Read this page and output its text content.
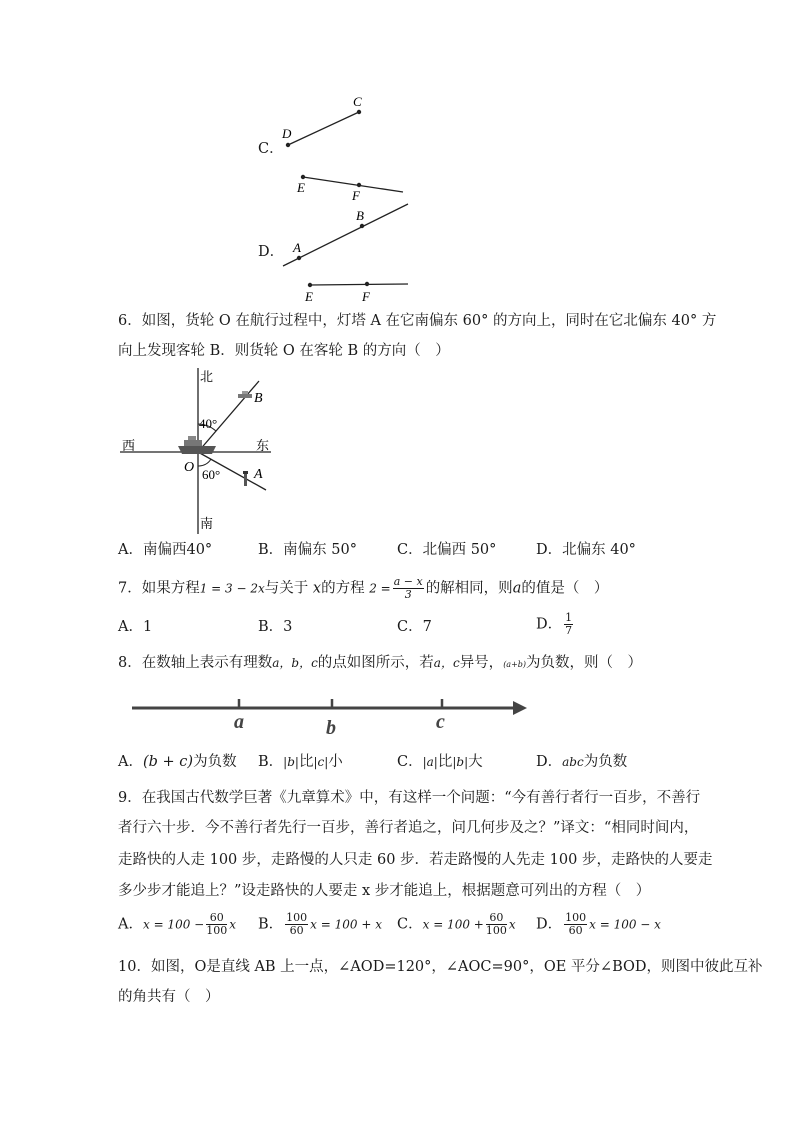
C．
D．
D
C
E
F
A
B
E	F
6．如图，货轮 O 在航行过程中，灯塔 A 在它南偏东 60° 的方向上，同时在它北偏东 40° 方
向上发现客轮 B．则货轮 O 在客轮 B 的方向（　）
北
南
西	东
40°
60°
O	A
B
A．南偏西40°	B．南偏东 50°	C．北偏西 50°	D．北偏东 40°
7．如果方程1 = 3 − 2x与关于 x的方程 $2 = \frac{a - x}{3}$ 的解相同，则a的值是（　）
A．1	B．3	C．7	D． $\frac{1}{7}$
8．在数轴上表示有理数a，b，c的点如图所示，若a，c异号，(a+b)为负数，则（　）
a	b	c
A．(b + c)为负数 B．|b|比|c|小	C．|a|比|b|大	D．abc为负数
9．在我国古代数学巨著《九章算术》中，有这样一个问题：“今有善行者行一百步，不善行
者行六十步．今不善行者先行一百步，善行者追之，问几何步及之？”译文：“相同时间内，
走路快的人走 100 步，走路慢的人只走 60 步．若走路慢的人先走 100 步，走路快的人要走
多少步才能追上？”设走路快的人要走 x 步才能追上，根据题意可列出的方程（　）
A．$x = 100 - \frac{60}{100}$ x B． $\frac{100}{60}$ x = 100 + x C．$x = 100 + \frac{60}{100}$ x D． $\frac{100}{60}$ x = 100 − x
10．如图，O是直线 AB 上一点，∠AOD=120°，∠AOC=90°，OE 平分∠BOD，则图中彼此互补
的角共有（　）
